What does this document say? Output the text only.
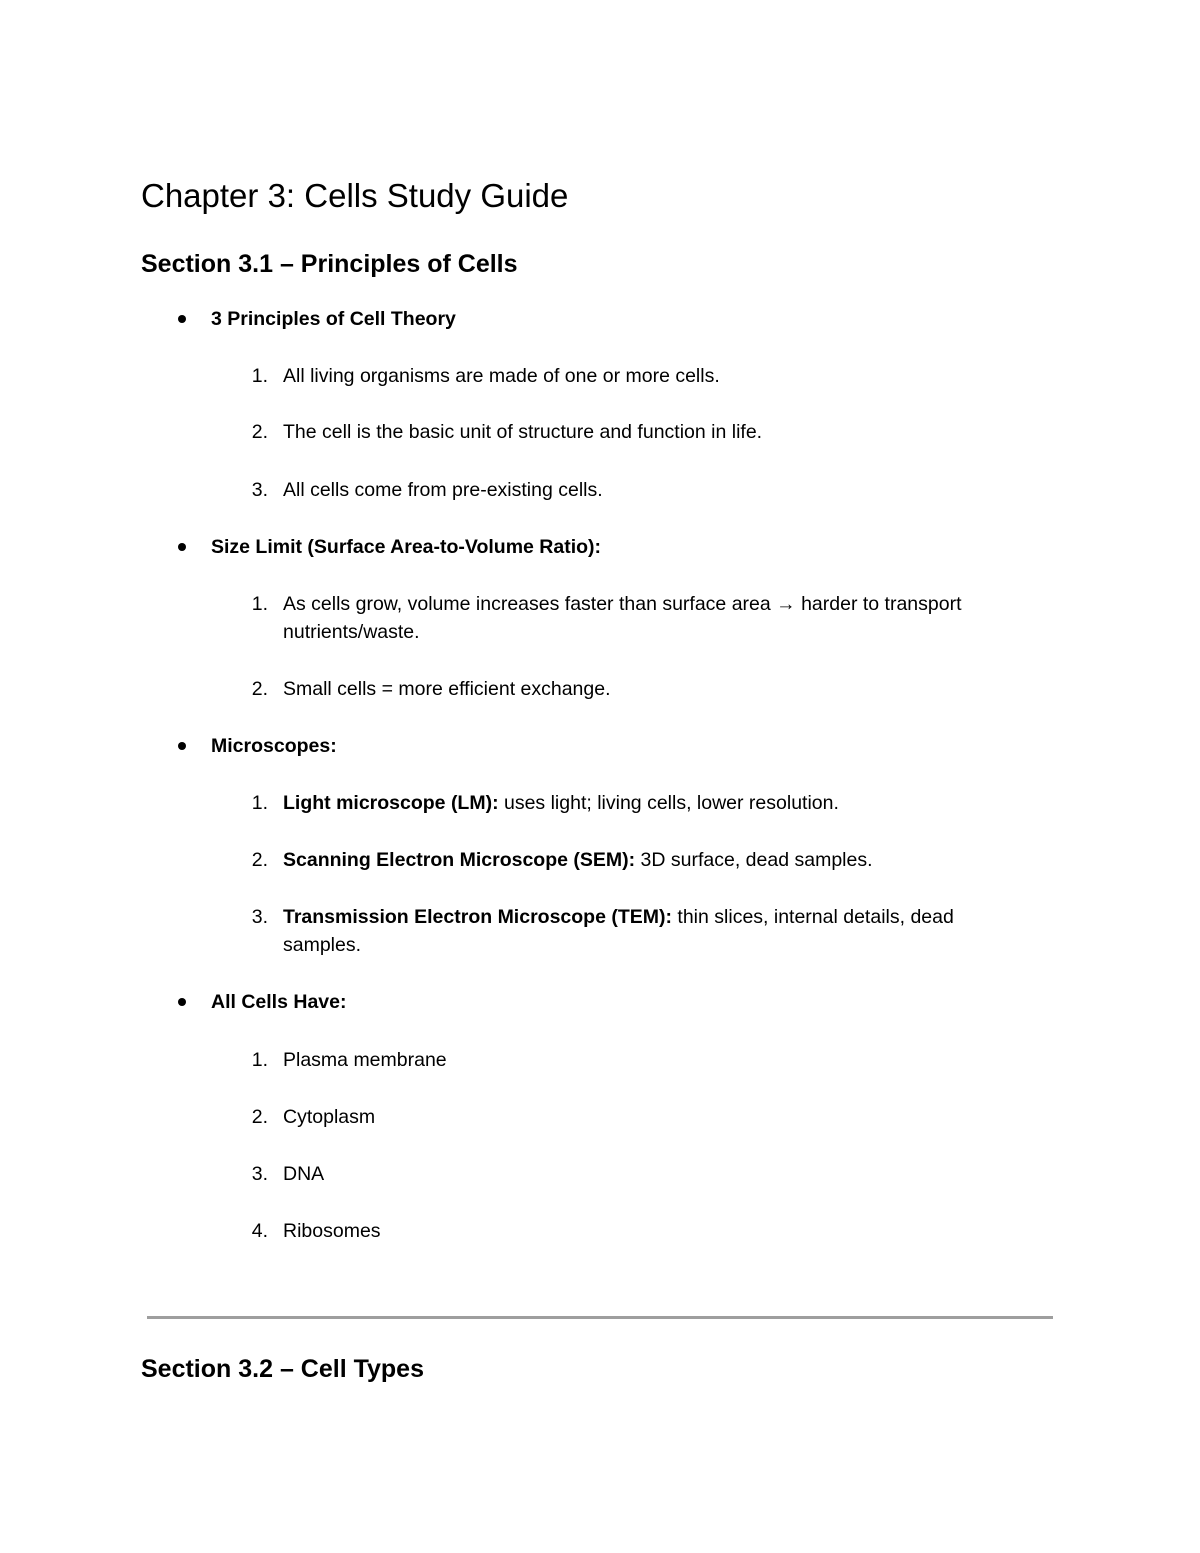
Chapter 3: Cells Study Guide
Section 3.1 – Principles of Cells
3 Principles of Cell Theory
1. All living organisms are made of one or more cells.
2. The cell is the basic unit of structure and function in life.
3. All cells come from pre-existing cells.
Size Limit (Surface Area-to-Volume Ratio):
1. As cells grow, volume increases faster than surface area → harder to transport
nutrients/waste.
2. Small cells = more efficient exchange.
Microscopes:
1. Light microscope (LM): uses light; living cells, lower resolution.
2. Scanning Electron Microscope (SEM): 3D surface, dead samples.
3. Transmission Electron Microscope (TEM): thin slices, internal details, dead
samples.
All Cells Have:
1. Plasma membrane
2. Cytoplasm
3. DNA
4. Ribosomes
Section 3.2 – Cell Types
